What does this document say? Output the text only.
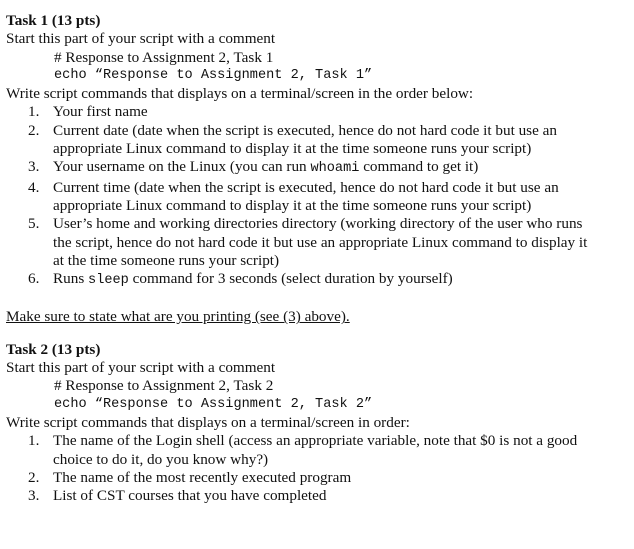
Task 1 (13 pts)
Start this part of your script with a comment
# Response to Assignment 2, Task 1
echo “Response to Assignment 2, Task 1”
Write script commands that displays on a terminal/screen in the order below:
1. Your first name
2. Current date (date when the script is executed, hence do not hard code it but use an
appropriate Linux command to display it at the time someone runs your script)
3. Your username on the Linux (you can run whoami command to get it)
4. Current time (date when the script is executed, hence do not hard code it but use an
appropriate Linux command to display it at the time someone runs your script)
5. User’s home and working directories directory (working directory of the user who runs
the script, hence do not hard code it but use an appropriate Linux command to display it
at the time someone runs your script)
6. Runs sleep command for 3 seconds (select duration by yourself)
Make sure to state what are you printing (see (3) above).
Task 2 (13 pts)
Start this part of your script with a comment
# Response to Assignment 2, Task 2
echo “Response to Assignment 2, Task 2”
Write script commands that displays on a terminal/screen in order:
1. The name of the Login shell (access an appropriate variable, note that $0 is not a good
choice to do it, do you know why?)
2. The name of the most recently executed program
3. List of CST courses that you have completed
